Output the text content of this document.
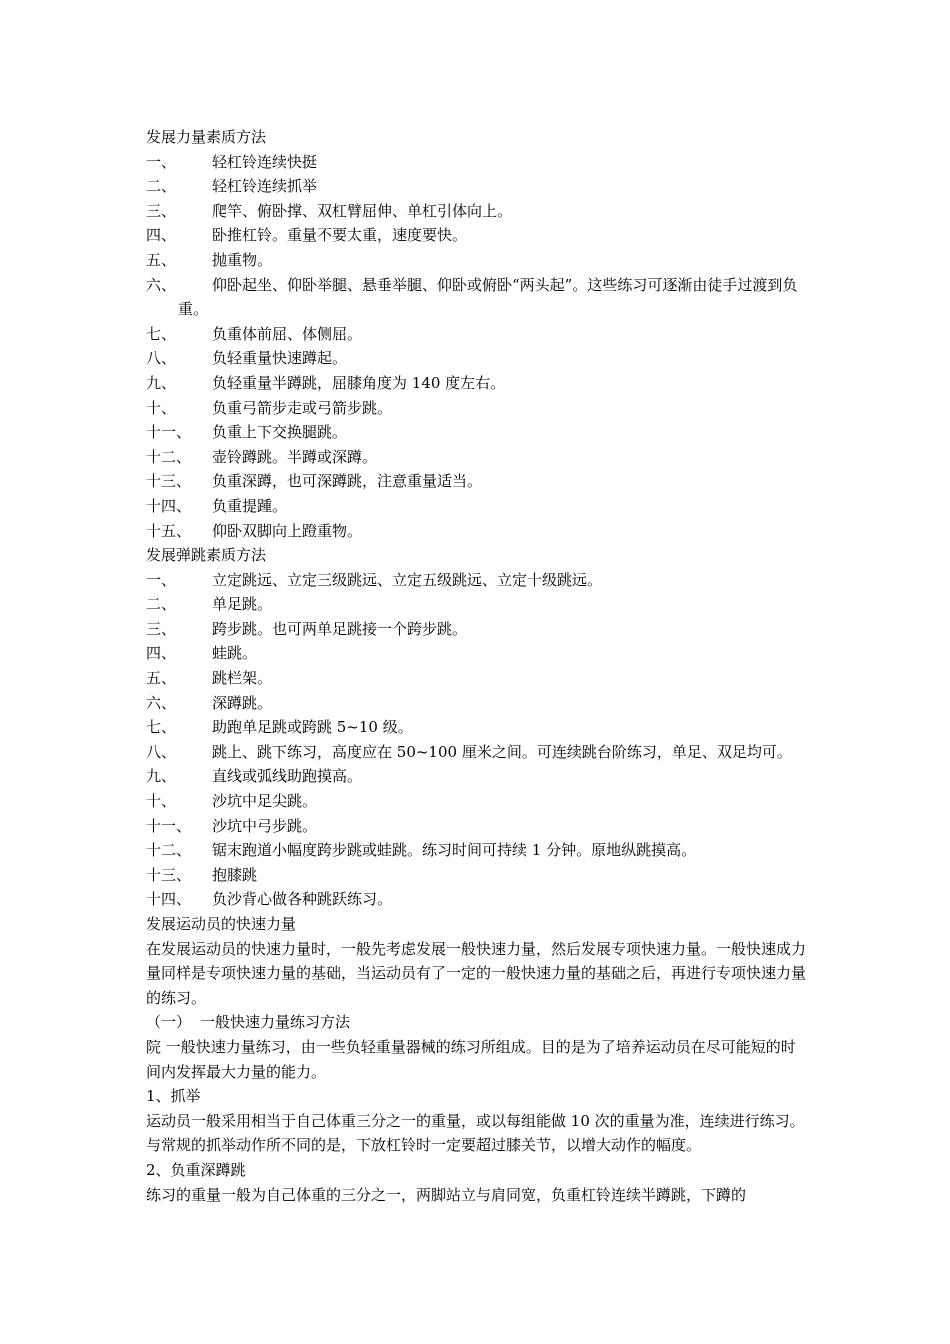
发展力量素质方法
一、	轻杠铃连续快挺
二、	轻杠铃连续抓举
三、	爬竿、俯卧撑、双杠臂屈伸、单杠引体向上。
四、	卧推杠铃。重量不要太重，速度要快。
五、	抛重物。
六、 仰卧起坐、仰卧举腿、悬垂举腿、仰卧或俯卧“两头起”。这些练习可逐渐由徒手过渡到负重。
七、	负重体前屈、体侧屈。
八、	负轻重量快速蹲起。
九、	负轻重量半蹲跳，屈膝角度为 140 度左右。
十、	负重弓箭步走或弓箭步跳。
十一、	负重上下交换腿跳。
十二、	壶铃蹲跳。半蹲或深蹲。
十三、	负重深蹲，也可深蹲跳，注意重量适当。
十四、	负重提踵。
十五、	仰卧双脚向上蹬重物。
发展弹跳素质方法
一、	立定跳远、立定三级跳远、立定五级跳远、立定十级跳远。
二、	单足跳。
三、	跨步跳。也可两单足跳接一个跨步跳。
四、	蛙跳。
五、	跳栏架。
六、	深蹲跳。
七、	助跑单足跳或跨跳 5~10 级。
八、 跳上、跳下练习，高度应在 50~100 厘米之间。可连续跳台阶练习，单足、双足均可。
九、	直线或弧线助跑摸高。
十、	沙坑中足尖跳。
十一、	沙坑中弓步跳。
十二、	锯末跑道小幅度跨步跳或蛙跳。练习时间可持续 1 分钟。原地纵跳摸高。
十三、	抱膝跳
十四、	负沙背心做各种跳跃练习。
发展运动员的快速力量
在发展运动员的快速力量时，一般先考虑发展一般快速力量，然后发展专项快速力量。一般快速成力量同样是专项快速力量的基础，当运动员有了一定的一般快速力量的基础之后，再进行专项快速力量的练习。
（一） 一般快速力量练习方法
院 一般快速力量练习，由一些负轻重量器械的练习所组成。目的是为了培养运动员在尽可能短的时间内发挥最大力量的能力。
1、抓举
运动员一般采用相当于自己体重三分之一的重量，或以每组能做 10 次的重量为准，连续进行练习。与常规的抓举动作所不同的是，下放杠铃时一定要超过膝关节，以增大动作的幅度。
2、负重深蹲跳
练习的重量一般为自己体重的三分之一，两脚站立与肩同宽，负重杠铃连续半蹲跳，下蹲的
